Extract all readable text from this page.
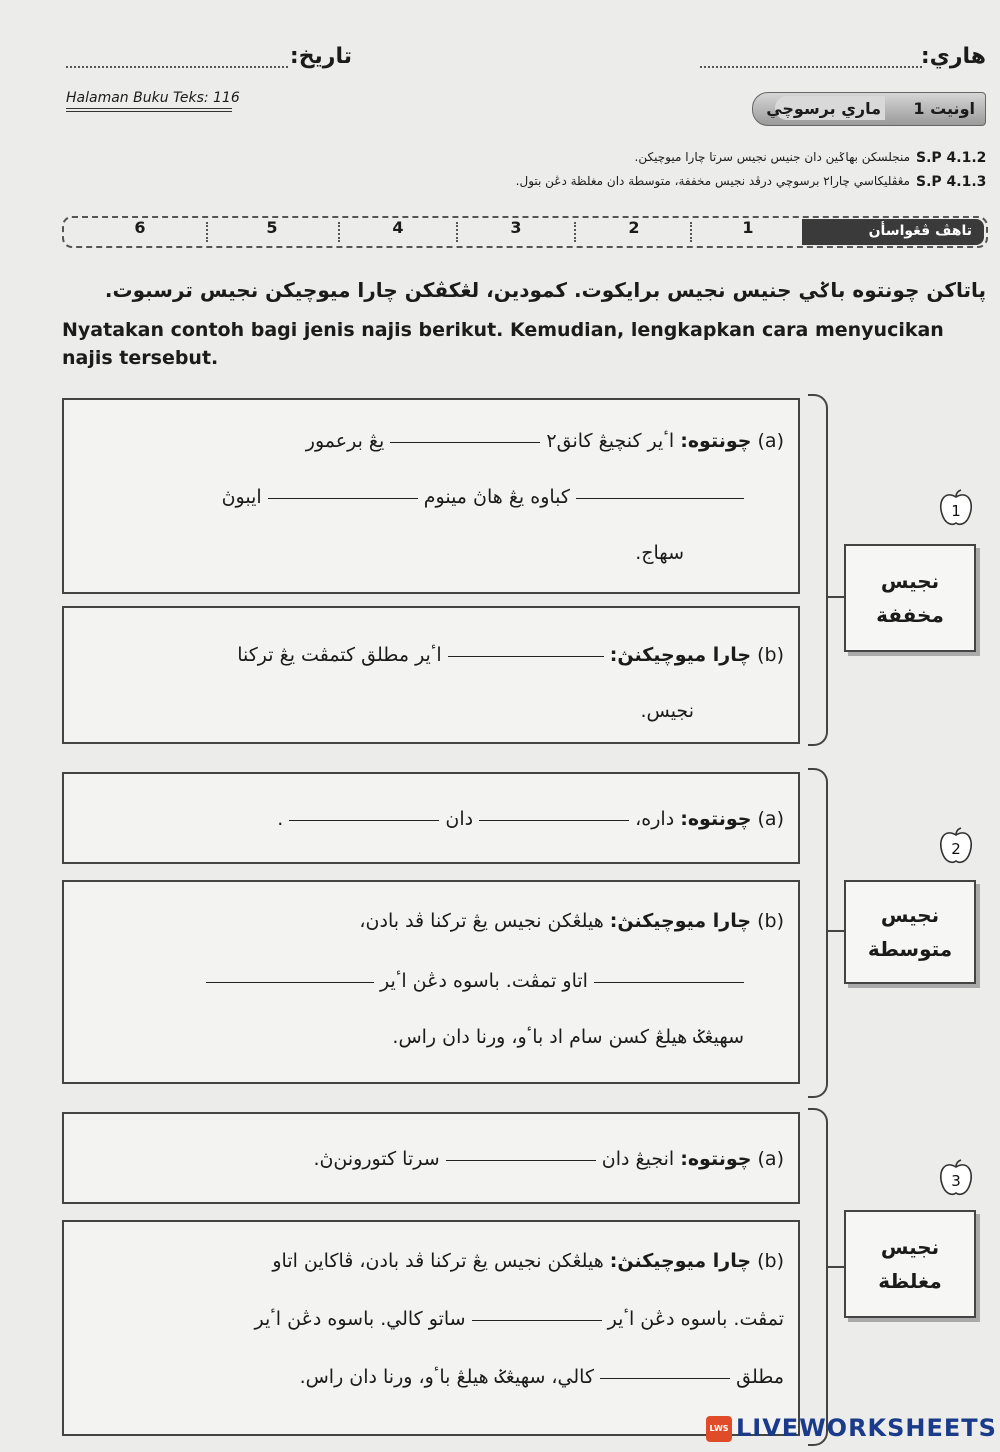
هاري:
تاريخ:
Halaman Buku Teks: 116
اونيت 1
ماري برسوچي
S.P 4.1.2
منجلسكن بهاݢين دان جنيس نجيس سرتا چارا ميوچيكن.
S.P 4.1.3
مڠڤليكاسي چارا٢ برسوچي درڤد نجيس مخففة، متوسطة دان مغلظة دڠن بتول.
6	5	4	3	2	1	تاهڤ ڤڠواسأن
ڽاتاكن چونتوه باݢي جنيس نجيس برايكوت. كمودين، لڠكڤكن چارا ميوچيكن نجيس ترسبوت.
Nyatakan contoh bagi jenis najis berikut. Kemudian, lengkapkan cara menyucikan najis tersebut.
(a) چونتوه: اٴير كنچيڠ كانق٢  يڠ برعمور
كباوه يڠ هاڽ مينوم  ايبوڽ
سهاج.
(b) چارا ميوچيكنڽ:  اٴير مطلق كتمڤت يڠ تركنا
نجيس.
1
نجيس
مخففة
(a) چونتوه: داره،  دان  .
(b) چارا ميوچيكنڽ: هيلڠكن نجيس يڠ تركنا ڤد بادن،
اتاو تمڤت. باسوه دڠن اٴير
سهيڠݢ هيلڠ كسن سام اد باٴو، ورنا دان راس.
2
نجيس
متوسطة
(a) چونتوه: انجيڠ دان  سرتا كتورونن‌ڽ.
(b) چارا ميوچيكنڽ: هيلڠكن نجيس يڠ تركنا ڤد بادن، ڤاكاين اتاو
تمڤت. باسوه دڠن اٴير  ساتو كالي. باسوه دڠن اٴير
مطلق  كالي، سهيڠݢ هيلڠ باٴو، ورنا دان راس.
3
نجيس
مغلظة
LWS LIVEWORKSHEETS
